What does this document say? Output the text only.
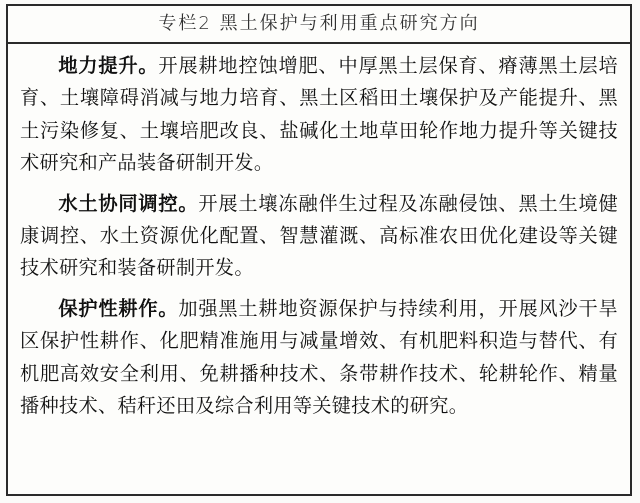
专栏2 黑土保护与利用重点研究方向

地力提升。开展耕地控蚀增肥、中厚黑土层保育、瘠薄黑土层培育、土壤障碍消减与地力培育、黑土区稻田土壤保护及产能提升、黑土污染修复、土壤培肥改良、盐碱化土地草田轮作地力提升等关键技术研究和产品装备研制开发。

水土协同调控。开展土壤冻融伴生过程及冻融侵蚀、黑土生境健康调控、水土资源优化配置、智慧灌溉、高标准农田优化建设等关键技术研究和装备研制开发。

保护性耕作。加强黑土耕地资源保护与持续利用，开展风沙干旱区保护性耕作、化肥精准施用与减量增效、有机肥料积造与替代、有机肥高效安全利用、免耕播种技术、条带耕作技术、轮耕轮作、精量播种技术、秸秆还田及综合利用等关键技术的研究。
